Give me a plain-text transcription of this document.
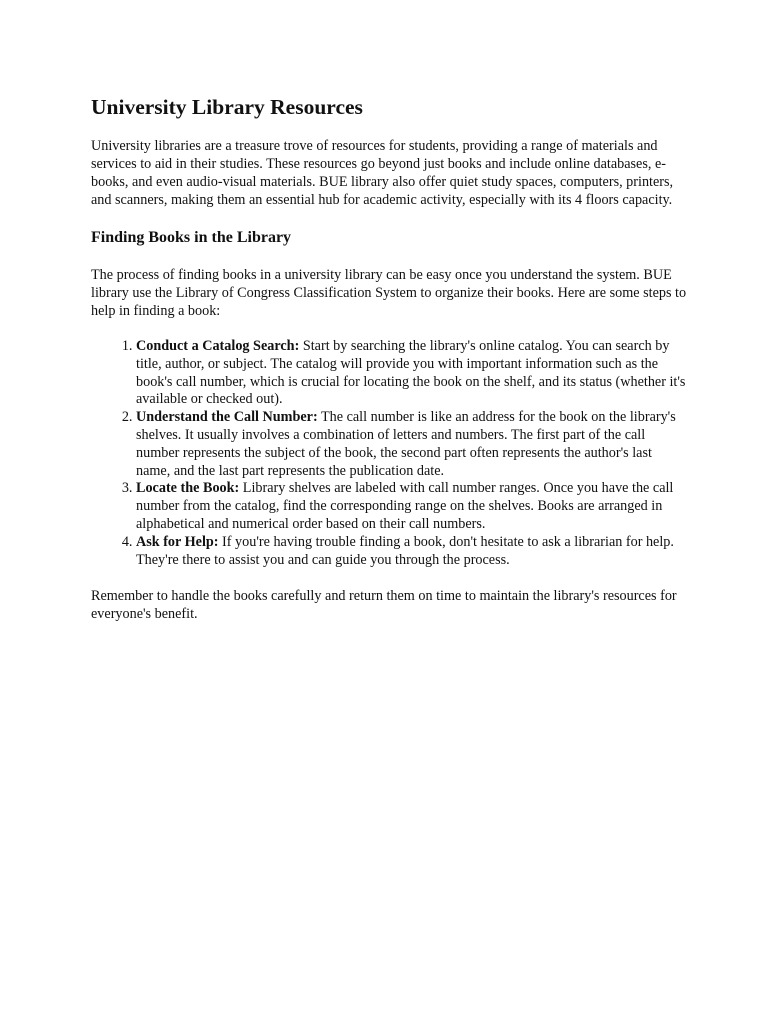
University Library Resources

University libraries are a treasure trove of resources for students, providing a range of materials and services to aid in their studies. These resources go beyond just books and include online databases, e-books, and even audio-visual materials. BUE library also offer quiet study spaces, computers, printers, and scanners, making them an essential hub for academic activity, especially with its 4 floors capacity.

Finding Books in the Library

The process of finding books in a university library can be easy once you understand the system. BUE library use the Library of Congress Classification System to organize their books. Here are some steps to help in finding a book:

1. Conduct a Catalog Search: Start by searching the library's online catalog. You can search by title, author, or subject. The catalog will provide you with important information such as the book's call number, which is crucial for locating the book on the shelf, and its status (whether it's available or checked out).
2. Understand the Call Number: The call number is like an address for the book on the library's shelves. It usually involves a combination of letters and numbers. The first part of the call number represents the subject of the book, the second part often represents the author's last name, and the last part represents the publication date.
3. Locate the Book: Library shelves are labeled with call number ranges. Once you have the call number from the catalog, find the corresponding range on the shelves. Books are arranged in alphabetical and numerical order based on their call numbers.
4. Ask for Help: If you're having trouble finding a book, don't hesitate to ask a librarian for help. They're there to assist you and can guide you through the process.

Remember to handle the books carefully and return them on time to maintain the library's resources for everyone's benefit.
